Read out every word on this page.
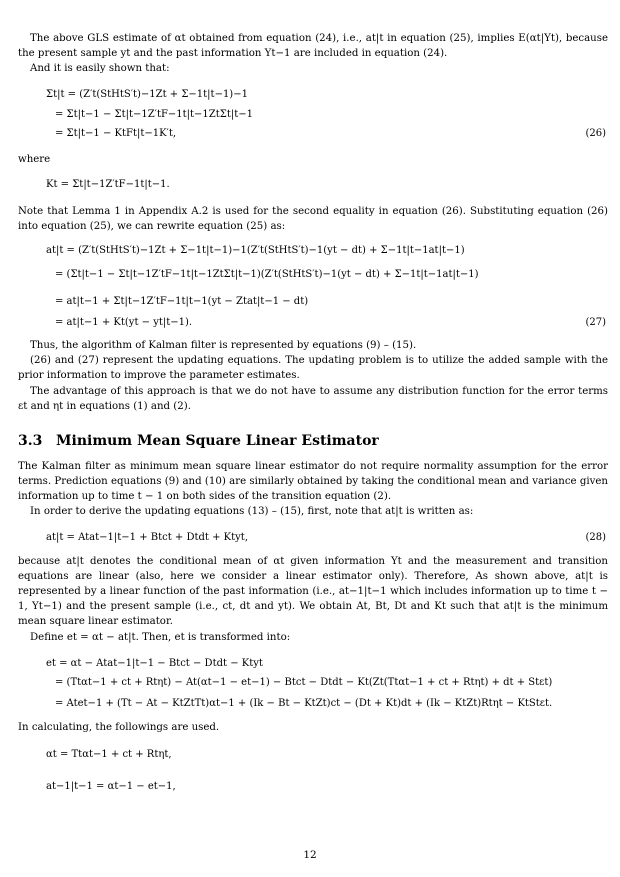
The above GLS estimate of αt obtained from equation (24), i.e., at|t in equation (25), implies E(αt|Yt), because the present sample yt and the past information Yt−1 are included in equation (24).

And it is easily shown that:

Σt|t = (Z′t(StHtS′t)−1Zt + Σ−1t|t−1)−1

= Σt|t−1 − Σt|t−1Z′tF−1t|t−1ZtΣt|t−1

= Σt|t−1 − KtFt|t−1K′t,	(26)

where

Kt = Σt|t−1Z′tF−1t|t−1.

Note that Lemma 1 in Appendix A.2 is used for the second equality in equation (26). Substituting equation (26) into equation (25), we can rewrite equation (25) as:

at|t = (Z′t(StHtS′t)−1Zt + Σ−1t|t−1)−1(Z′t(StHtS′t)−1(yt − dt) + Σ−1t|t−1at|t−1)

= (Σt|t−1 − Σt|t−1Z′tF−1t|t−1ZtΣt|t−1)(Z′t(StHtS′t)−1(yt − dt) + Σ−1t|t−1at|t−1)

= at|t−1 + Σt|t−1Z′tF−1t|t−1(yt − Ztat|t−1 − dt)

= at|t−1 + Kt(yt − yt|t−1).	(27)

Thus, the algorithm of Kalman filter is represented by equations (9) – (15).

(26) and (27) represent the updating equations. The updating problem is to utilize the added sample with the prior information to improve the parameter estimates.

The advantage of this approach is that we do not have to assume any distribution function for the error terms εt and ηt in equations (1) and (2).

3.3 Minimum Mean Square Linear Estimator

The Kalman filter as minimum mean square linear estimator do not require normality assumption for the error terms. Prediction equations (9) and (10) are similarly obtained by taking the conditional mean and variance given information up to time t − 1 on both sides of the transition equation (2).

In order to derive the updating equations (13) – (15), first, note that at|t is written as:

at|t = Atat−1|t−1 + Btct + Dtdt + Ktyt,	(28)

because at|t denotes the conditional mean of αt given information Yt and the measurement and transition equations are linear (also, here we consider a linear estimator only). Therefore, As shown above, at|t is represented by a linear function of the past information (i.e., at−1|t−1 which includes information up to time t − 1, Yt−1) and the present sample (i.e., ct, dt and yt). We obtain At, Bt, Dt and Kt such that at|t is the minimum mean square linear estimator.

Define et = αt − at|t. Then, et is transformed into:

et = αt − Atat−1|t−1 − Btct − Dtdt − Ktyt

= (Ttαt−1 + ct + Rtηt) − At(αt−1 − et−1) − Btct − Dtdt − Kt(Zt(Ttαt−1 + ct + Rtηt) + dt + Stεt)

= Atet−1 + (Tt − At − KtZtTt)αt−1 + (Ik − Bt − KtZt)ct − (Dt + Kt)dt + (Ik − KtZt)Rtηt − KtStεt.

In calculating, the followings are used.

αt = Ttαt−1 + ct + Rtηt,

at−1|t−1 = αt−1 − et−1,

12
